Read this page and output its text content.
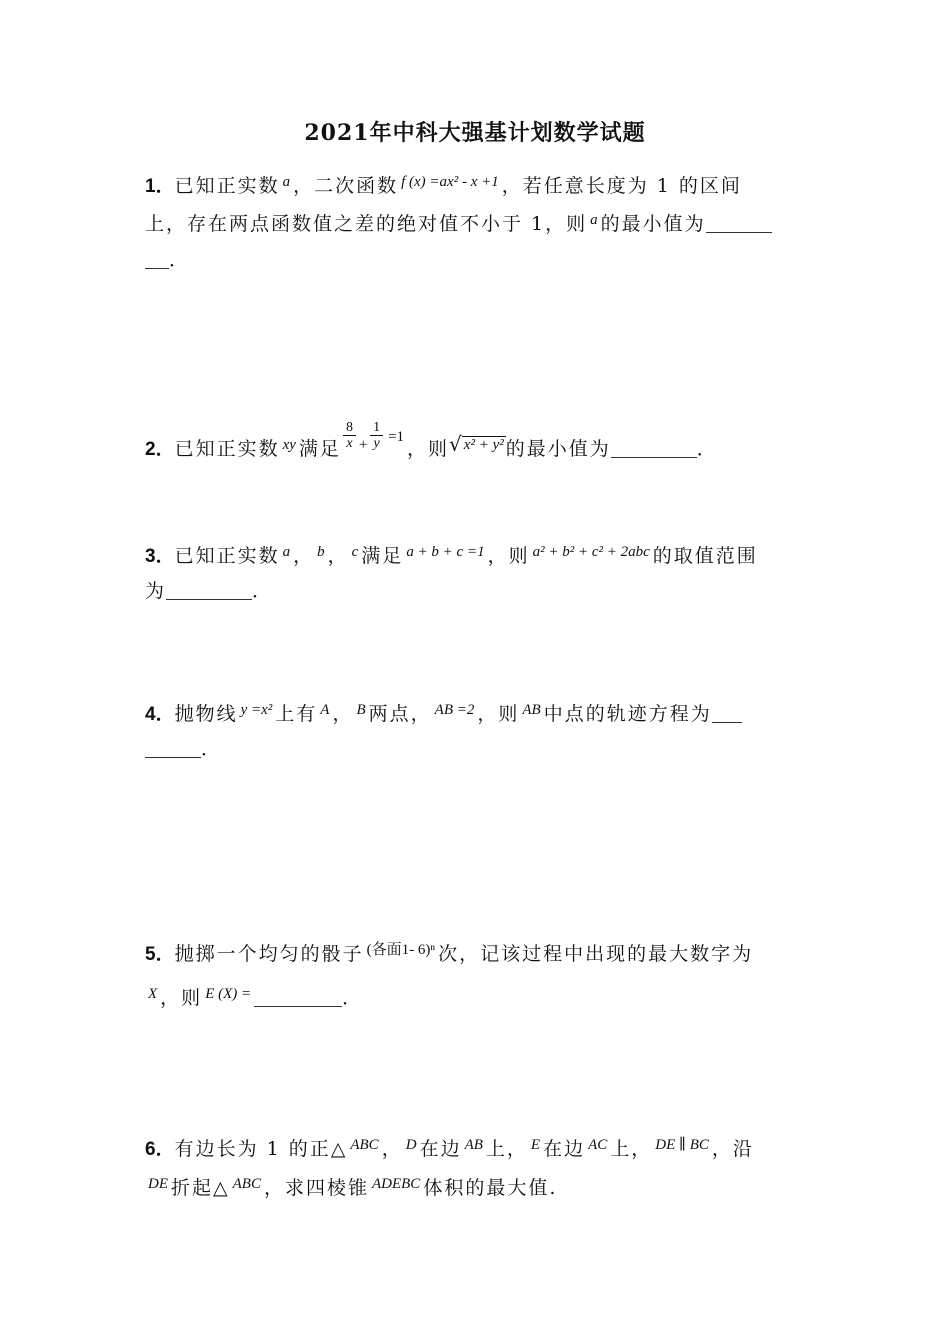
2021年中科大强基计划数学试题
1．已知正实数 $^a$ ，二次函数 $^{f (x) =ax^2 - x +1}$ ，若任意长度为 1 的区间
上，存在两点函数值之差的绝对值不小于 1，则 $^a$ 的最小值为
．
2．已知正实数 $^{xy}$ 满足 $\frac{8}{x} ^+ \frac{1}{y} ^{=1}$，则√ $^{x^2 + y^2}$ 的最小值为	．
3．已知正实数 $^a$ ， $^b$ ， $^c$ 满足 $^{a + b + c =1}$ ，则 $^{a^2 + b^2 + c^2 + 2abc}$ 的取值范围
为	．
4．抛物线 $^{y =x^2}$ 上有 $^A$ ， $^B$ 两点， $^{AB =2}$ ，则 $^{AB}$ 中点的轨迹方程为
．
5．抛掷一个均匀的骰子 $^{(各面1- 6)^n}$ 次，记该过程中出现的最大数字为
$^X$ ，则 $^{E (X) =}$	．
6．有边长为 1 的正△ $^{ABC}$ ， $^D$ 在边 $^{AB}$ 上， $^E$ 在边 $^{AC}$ 上， $^{DE \parallel BC}$ ，沿
$^{DE}$ 折起△ $^{ABC}$ ，求四棱锥 $^{ADEBC}$ 体积的最大值.
